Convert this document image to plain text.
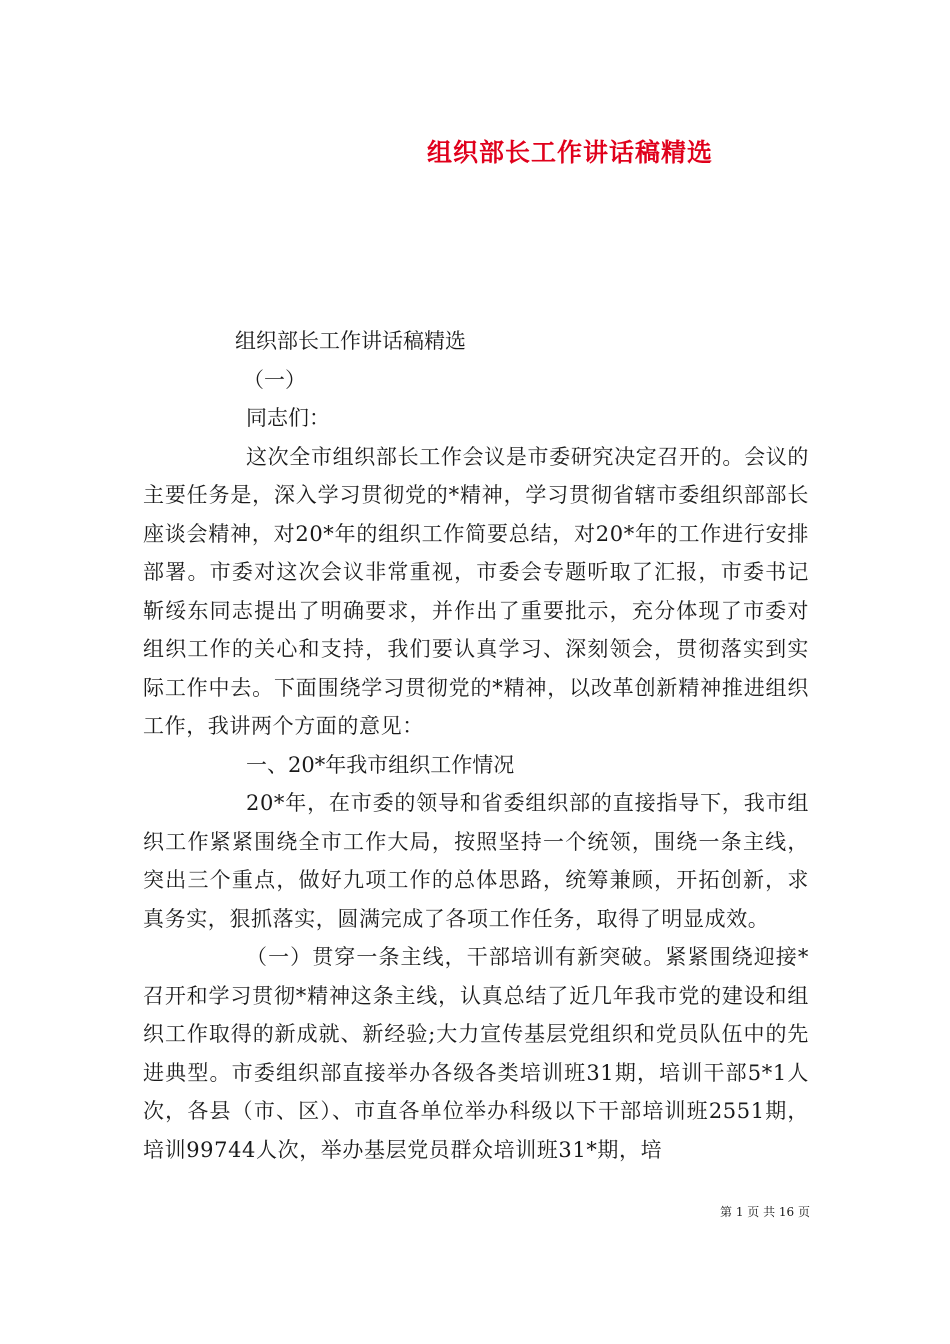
组织部长工作讲话稿精选

组织部长工作讲话稿精选

（一）

同志们：

这次全市组织部长工作会议是市委研究决定召开的。会议的主要任务是，深入学习贯彻党的*精神，学习贯彻省辖市委组织部部长座谈会精神，对20*年的组织工作简要总结，对20*年的工作进行安排部署。市委对这次会议非常重视，市委会专题听取了汇报，市委书记靳绥东同志提出了明确要求，并作出了重要批示，充分体现了市委对组织工作的关心和支持，我们要认真学习、深刻领会，贯彻落实到实际工作中去。下面围绕学习贯彻党的*精神，以改革创新精神推进组织工作，我讲两个方面的意见：

一、20*年我市组织工作情况

20*年，在市委的领导和省委组织部的直接指导下，我市组织工作紧紧围绕全市工作大局，按照坚持一个统领，围绕一条主线，突出三个重点，做好九项工作的总体思路，统筹兼顾，开拓创新，求真务实，狠抓落实，圆满完成了各项工作任务，取得了明显成效。

（一）贯穿一条主线，干部培训有新突破。紧紧围绕迎接*召开和学习贯彻*精神这条主线，认真总结了近几年我市党的建设和组织工作取得的新成就、新经验;大力宣传基层党组织和党员队伍中的先进典型。市委组织部直接举办各级各类培训班31期，培训干部5*1人次，各县（市、区）、市直各单位举办科级以下干部培训班2551期，培训99744人次，举办基层党员群众培训班31*期，培

第 1 页 共 16 页
